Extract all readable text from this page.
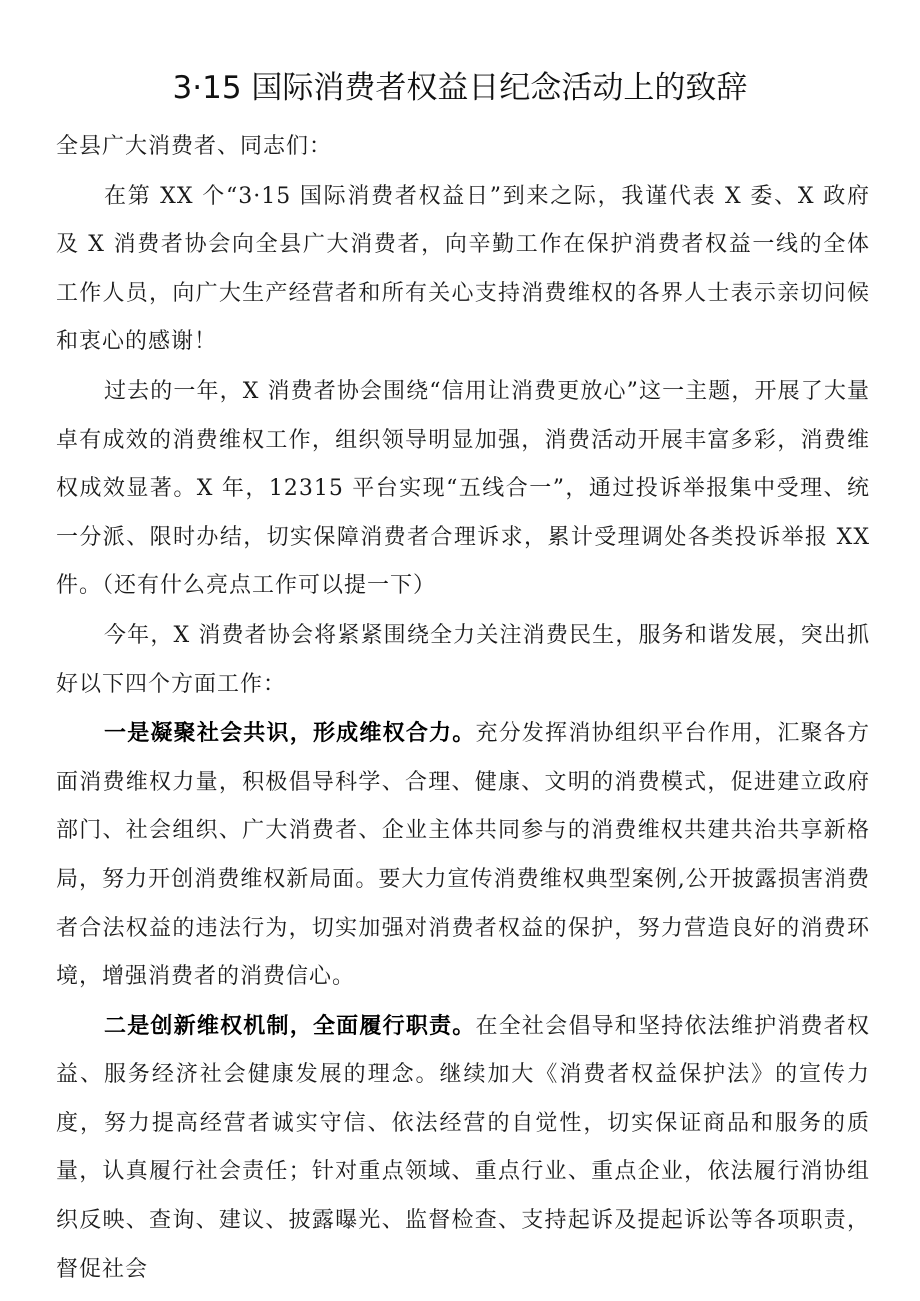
3·15 国际消费者权益日纪念活动上的致辞

全县广大消费者、同志们：

在第 XX 个“3·15 国际消费者权益日”到来之际，我谨代表 X 委、X 政府及 X 消费者协会向全县广大消费者，向辛勤工作在保护消费者权益一线的全体工作人员，向广大生产经营者和所有关心支持消费维权的各界人士表示亲切问候和衷心的感谢！

过去的一年，X 消费者协会围绕“信用让消费更放心”这一主题，开展了大量卓有成效的消费维权工作，组织领导明显加强，消费活动开展丰富多彩，消费维权成效显著。X 年，12315 平台实现“五线合一”，通过投诉举报集中受理、统一分派、限时办结，切实保障消费者合理诉求，累计受理调处各类投诉举报 XX 件。（还有什么亮点工作可以提一下）

今年，X 消费者协会将紧紧围绕全力关注消费民生，服务和谐发展，突出抓好以下四个方面工作：

一是凝聚社会共识，形成维权合力。充分发挥消协组织平台作用，汇聚各方面消费维权力量，积极倡导科学、合理、健康、文明的消费模式，促进建立政府部门、社会组织、广大消费者、企业主体共同参与的消费维权共建共治共享新格局，努力开创消费维权新局面。要大力宣传消费维权典型案例,公开披露损害消费者合法权益的违法行为，切实加强对消费者权益的保护，努力营造良好的消费环境，增强消费者的消费信心。

二是创新维权机制，全面履行职责。在全社会倡导和坚持依法维护消费者权益、服务经济社会健康发展的理念。继续加大《消费者权益保护法》的宣传力度，努力提高经营者诚实守信、依法经营的自觉性，切实保证商品和服务的质量，认真履行社会责任；针对重点领域、重点行业、重点企业，依法履行消协组织反映、查询、建议、披露曝光、监督检查、支持起诉及提起诉讼等各项职责，督促社会
